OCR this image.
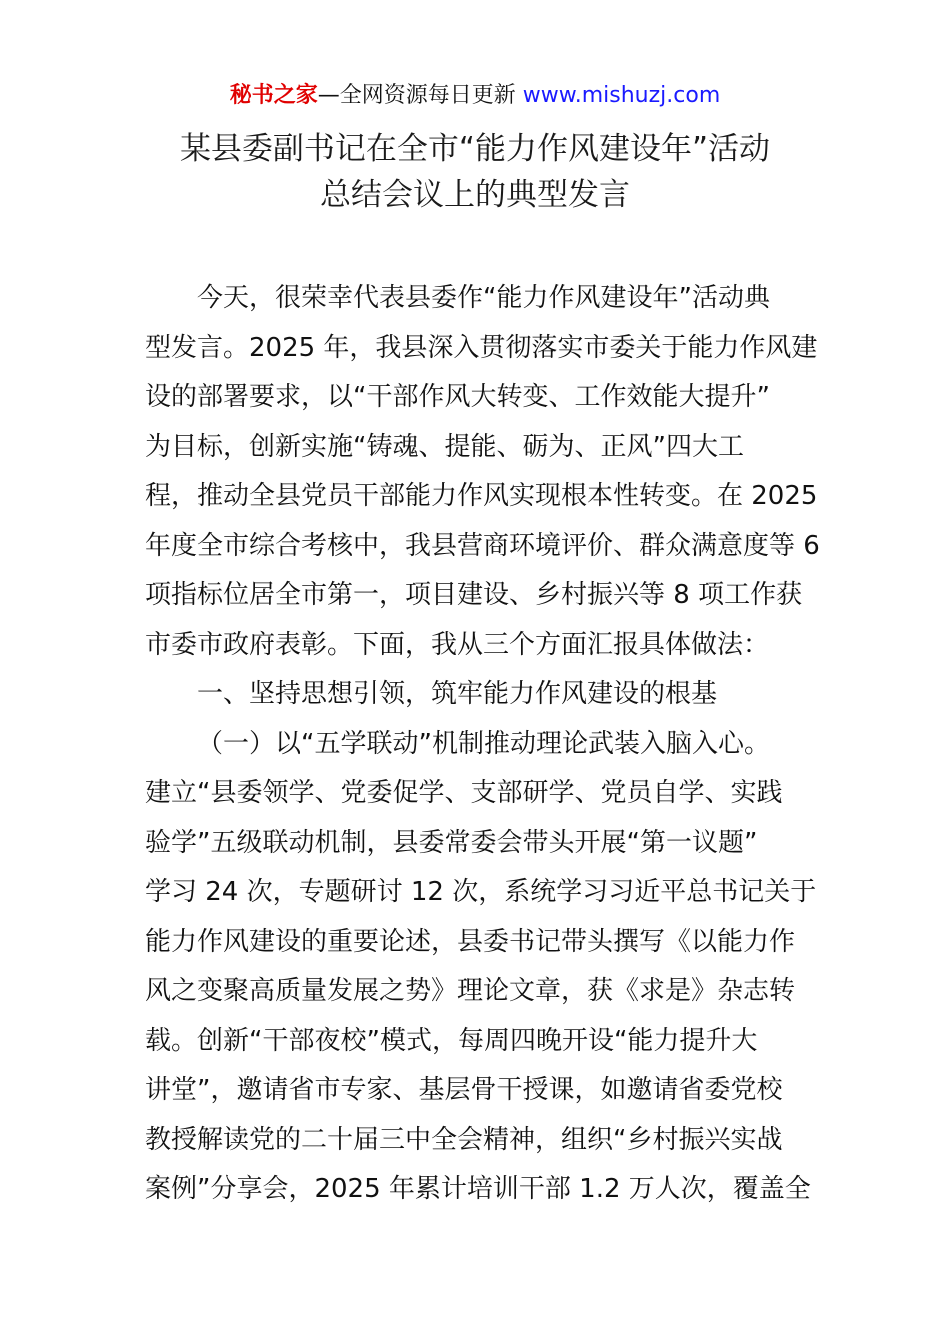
秘书之家—全网资源每日更新 www.mishuzj.com
某县委副书记在全市“能力作风建设年”活动
总结会议上的典型发言
今天，很荣幸代表县委作“能力作风建设年”活动典
型发言。2025 年，我县深入贯彻落实市委关于能力作风建
设的部署要求，以“干部作风大转变、工作效能大提升”
为目标，创新实施“铸魂、提能、砺为、正风”四大工
程，推动全县党员干部能力作风实现根本性转变。在 2025
年度全市综合考核中，我县营商环境评价、群众满意度等 6
项指标位居全市第一，项目建设、乡村振兴等 8 项工作获
市委市政府表彰。下面，我从三个方面汇报具体做法：
一、坚持思想引领，筑牢能力作风建设的根基
（一）以“五学联动”机制推动理论武装入脑入心。
建立“县委领学、党委促学、支部研学、党员自学、实践
验学”五级联动机制，县委常委会带头开展“第一议题”
学习 24 次，专题研讨 12 次，系统学习习近平总书记关于
能力作风建设的重要论述，县委书记带头撰写《以能力作
风之变聚高质量发展之势》理论文章，获《求是》杂志转
载。创新“干部夜校”模式，每周四晚开设“能力提升大
讲堂”，邀请省市专家、基层骨干授课，如邀请省委党校
教授解读党的二十届三中全会精神，组织“乡村振兴实战
案例”分享会，2025 年累计培训干部 1.2 万人次，覆盖全
